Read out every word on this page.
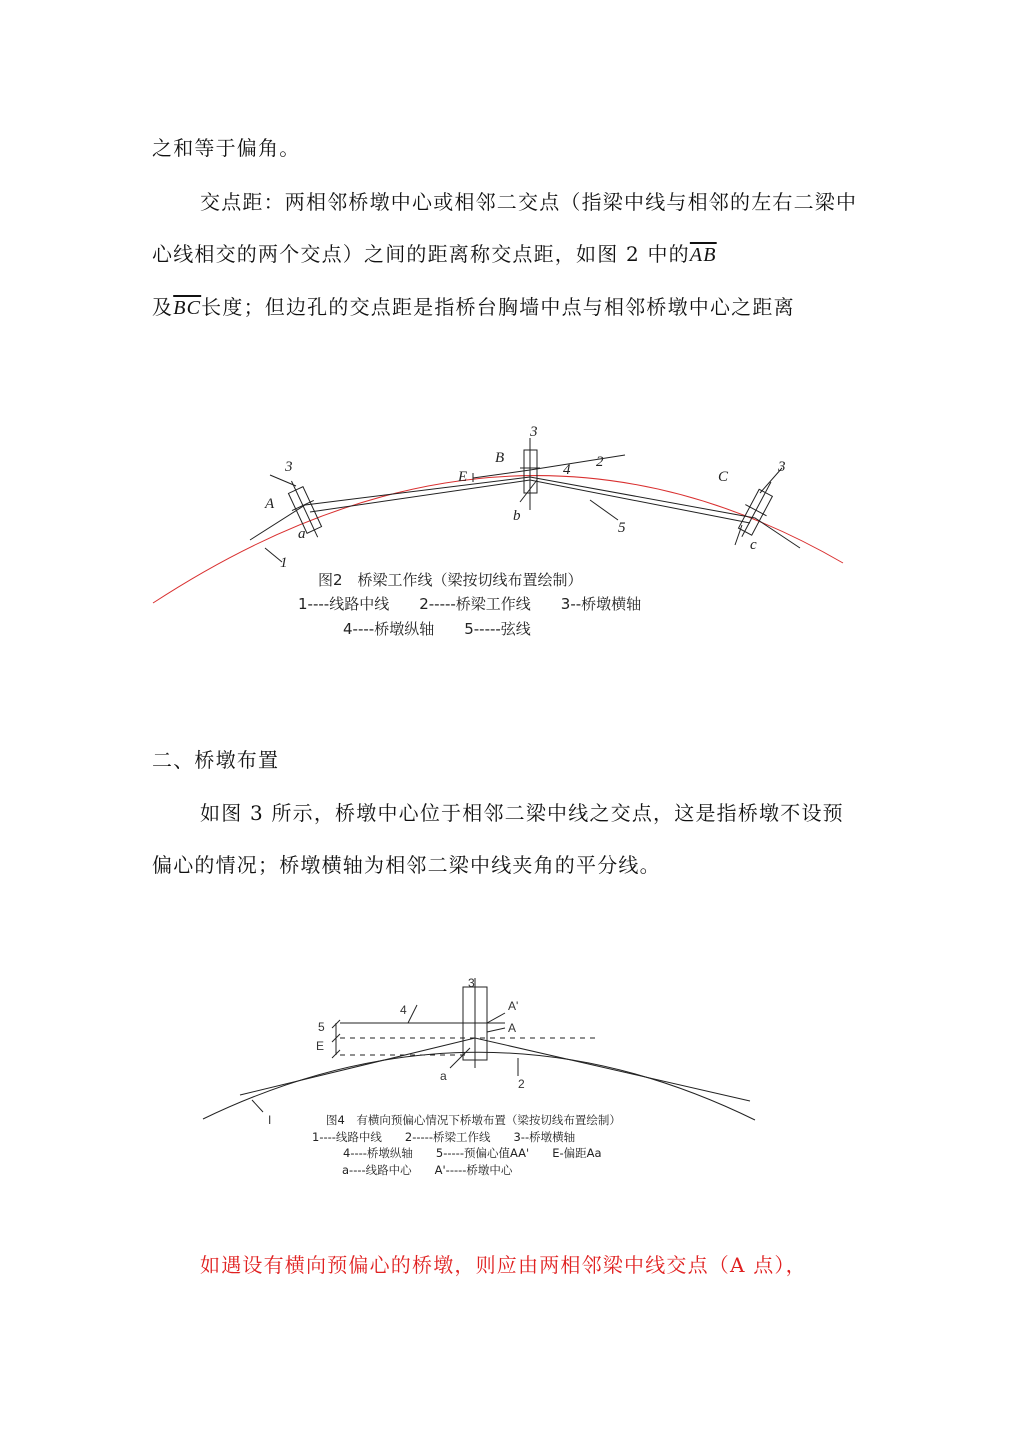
之和等于偏角。

交点距：两相邻桥墩中心或相邻二交点（指梁中线与相邻的左右二梁中心线相交的两个交点）之间的距离称交点距，如图 2 中的$\overline{AB}$
及$\overline{BC}$长度；但边孔的交点距是指桥台胸墙中点与相邻桥墩中心之距离

3
A
a
1
3
B
E
b
4 2
5
C
3
c
图2　桥梁工作线（梁按切线布置绘制）
1----线路中线　　2-----桥梁工作线　　3--桥墩横轴
4----桥墩纵轴　　5-----弦线

二、桥墩布置

如图 3 所示，桥墩中心位于相邻二梁中线之交点，这是指桥墩不设预偏心的情况；桥墩横轴为相邻二梁中线夹角的平分线。

3
4
5
E
A'
A
a
2
I	图4　有横向预偏心情况下桥墩布置（梁按切线布置绘制）
1----线路中线　　2-----桥梁工作线　　3--桥墩横轴
4----桥墩纵轴　　5-----预偏心值AA'　　E-偏距Aa
a----线路中心　　A'-----桥墩中心

如遇设有横向预偏心的桥墩，则应由两相邻梁中线交点（A 点），
